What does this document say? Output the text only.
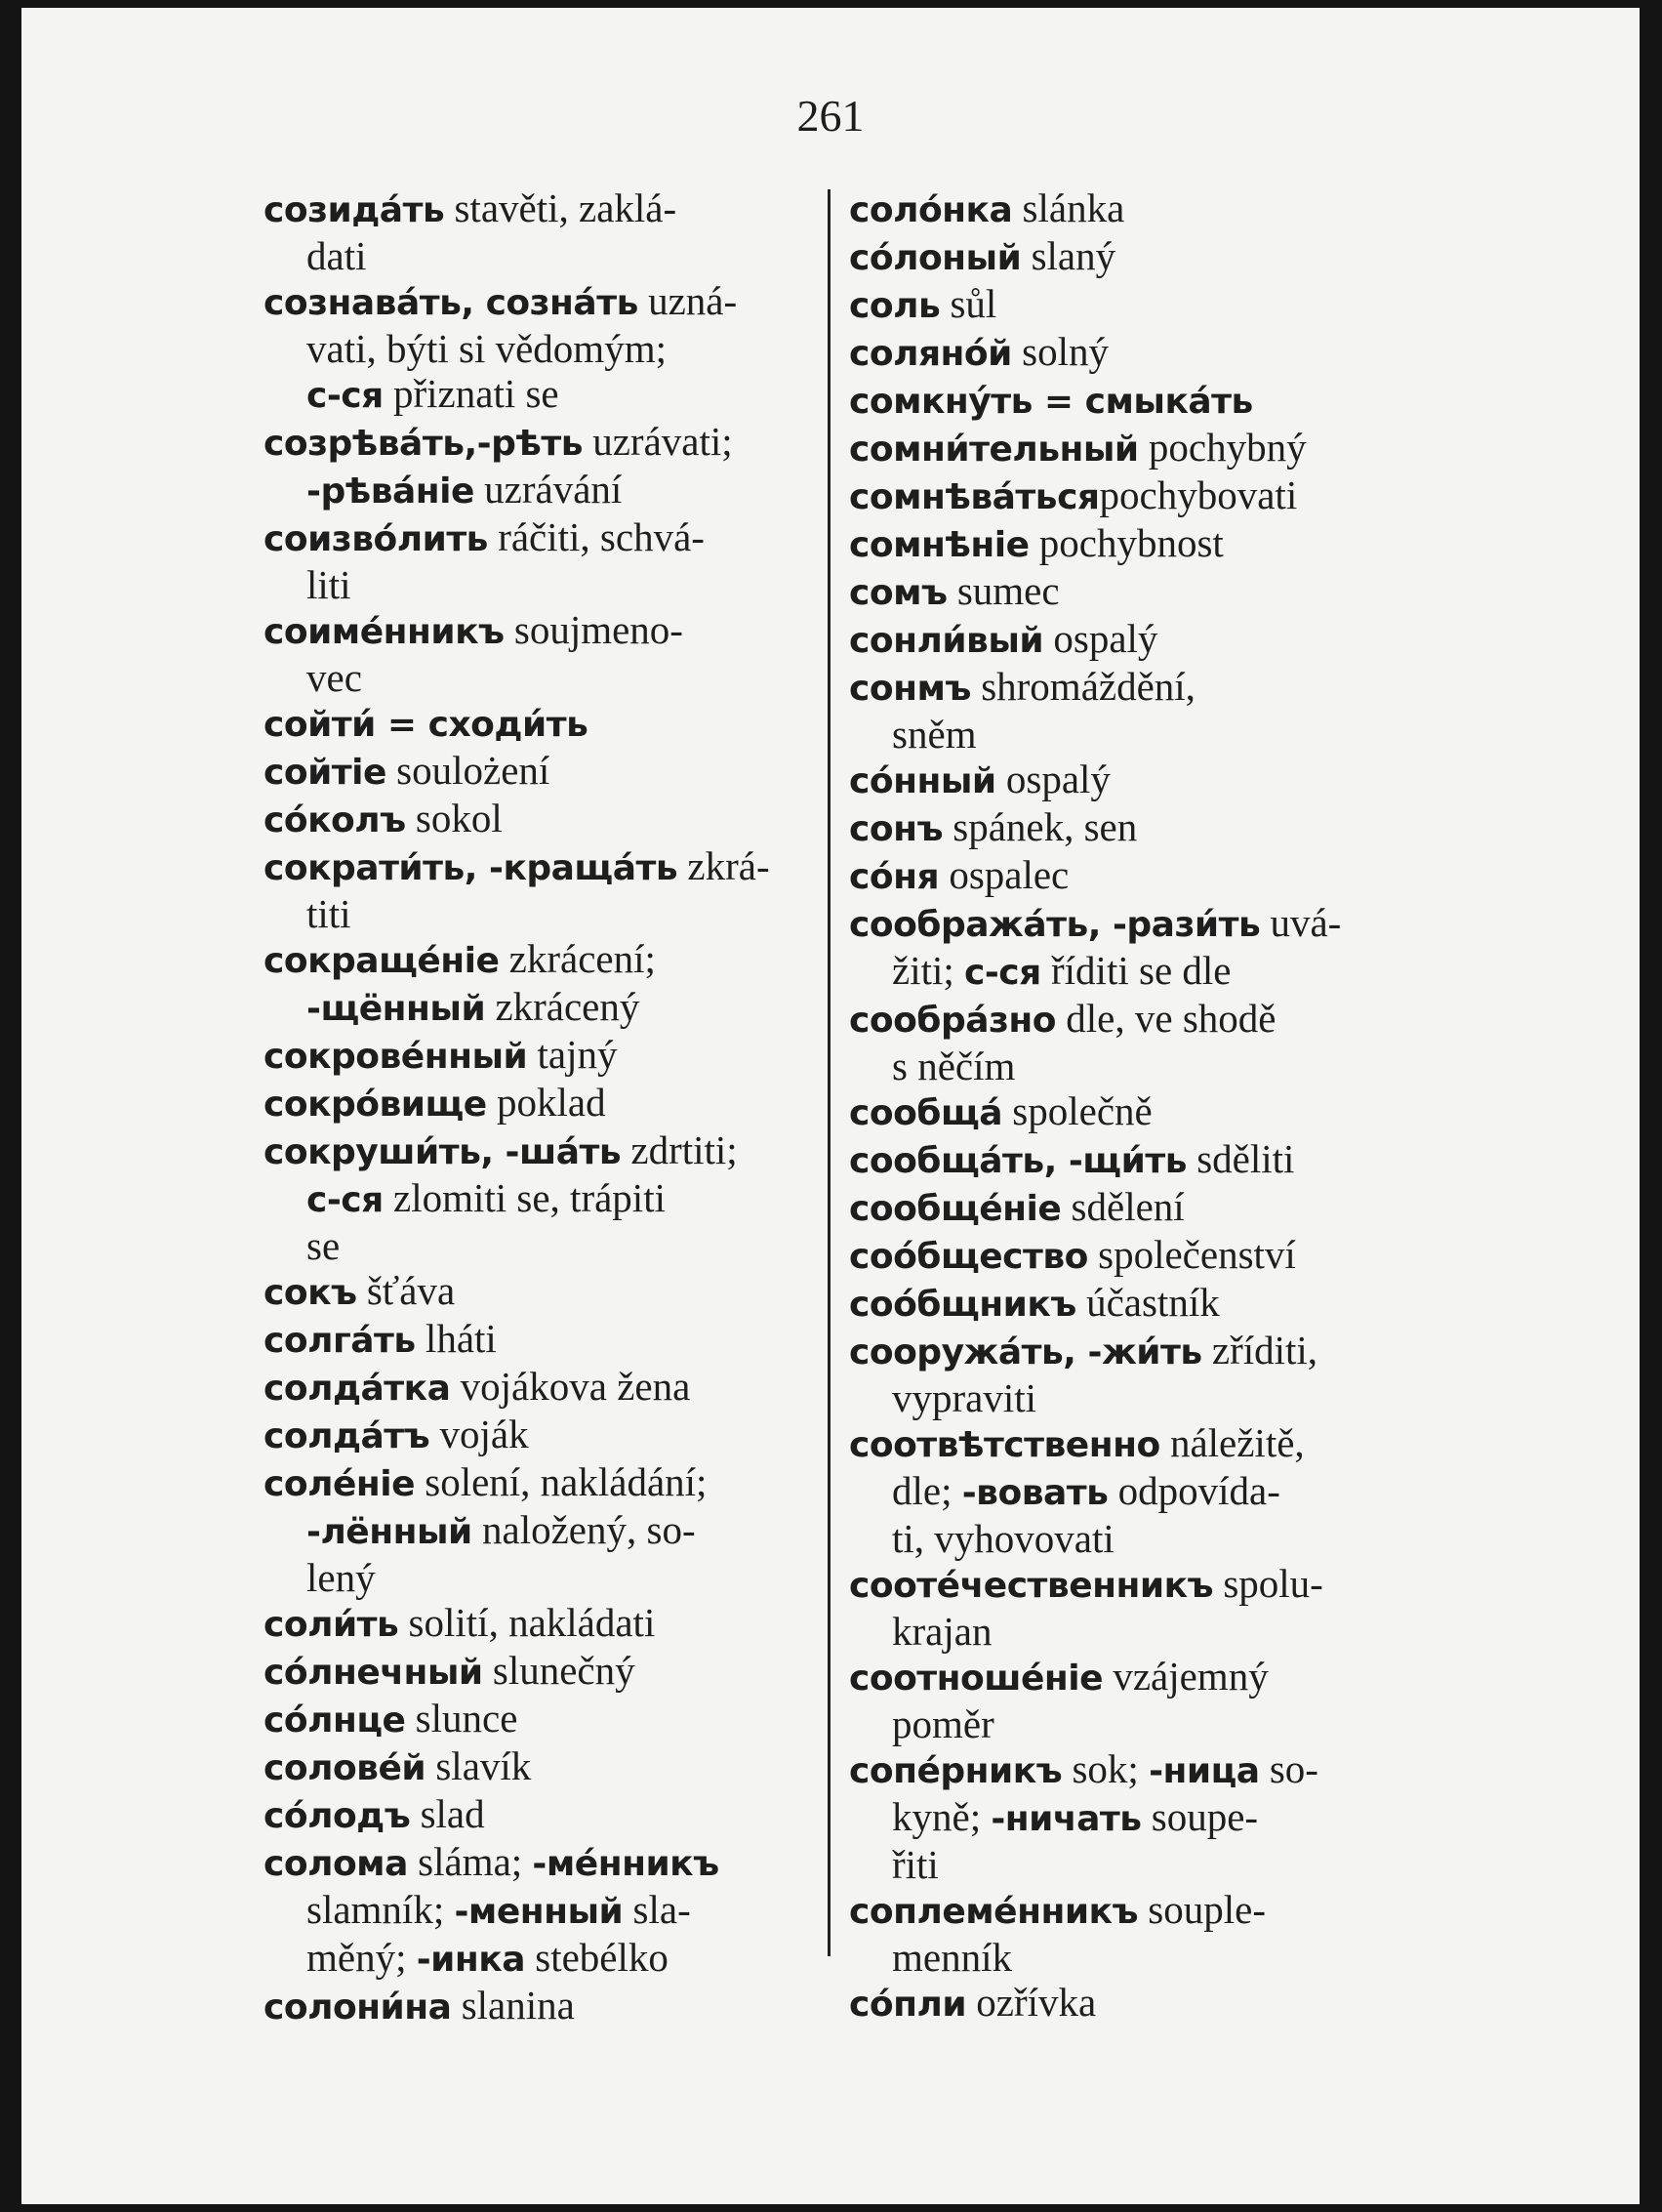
261
созидáть stavěti, zaklá-
dati
сознавáть, сознáть uzná-
vati, býti si vědomým;
с-ся přiznati se
созрѣвáть,-рѣть uzrávati;
-рѣвáніе uzrávání
соизвóлить ráčiti, schvá-
liti
соимéнникъ soujmeno-
vec
сойти́ = сходи́ть
сойтіе soulożení
сóколъ sokol
сократи́ть, -кращáть zkrá-
titi
сокращéніе zkrácení;
-щённый zkrácený
сокровéнный tajný
сокрóвище poklad
сокруши́ть, -шáть zdrtiti;
с-ся zlomiti se, trápiti
se
сокъ šťáva
солгáть lháti
солдáтка vojákova žena
солдáтъ voják
солéніе solení, nakládání;
-лённый naložený, so-
lený
соли́ть solití, nakládati
сóлнечный slunečný
сóлнце slunce
соловéй slavík
сóлодъ slad
солома sláma; -мéнникъ
slamník; -менный sla-
měný; -инка stebélko
солони́на slanina
солóнка slánka
сóлоный slaný
соль sůl
солянóй solný
сомкнýть = смыкáть
сомни́тельный pochybný
сомнѣвáтьсяpochybovati
сомнѣніе pochybnost
сомъ sumec
сонли́вый ospalý
сонмъ shromáždění,
sněm
сóнный ospalý
сонъ spánek, sen
сóня ospalec
соображáть, -рази́ть uvá-
žiti; с-ся říditi se dle
сообрáзно dle, ve shodě
s něčím
сообщá společně
сообщáть, -щи́ть sděliti
сообщéніе sdělení
соóбщество společenství
соóбщникъ účastník
сооружáть, -жи́ть zříditi,
vypraviti
соотвѣтственно náležitě,
dle; -вовать odpovída-
ti, vyhovovati
соотéчественникъ spolu-
krajan
соотношéніе vzájemný
poměr
сопéрникъ sok; -ница so-
kyně; -ничать soupe-
řiti
соплемéнникъ souple-
menník
сóпли ozřívka
